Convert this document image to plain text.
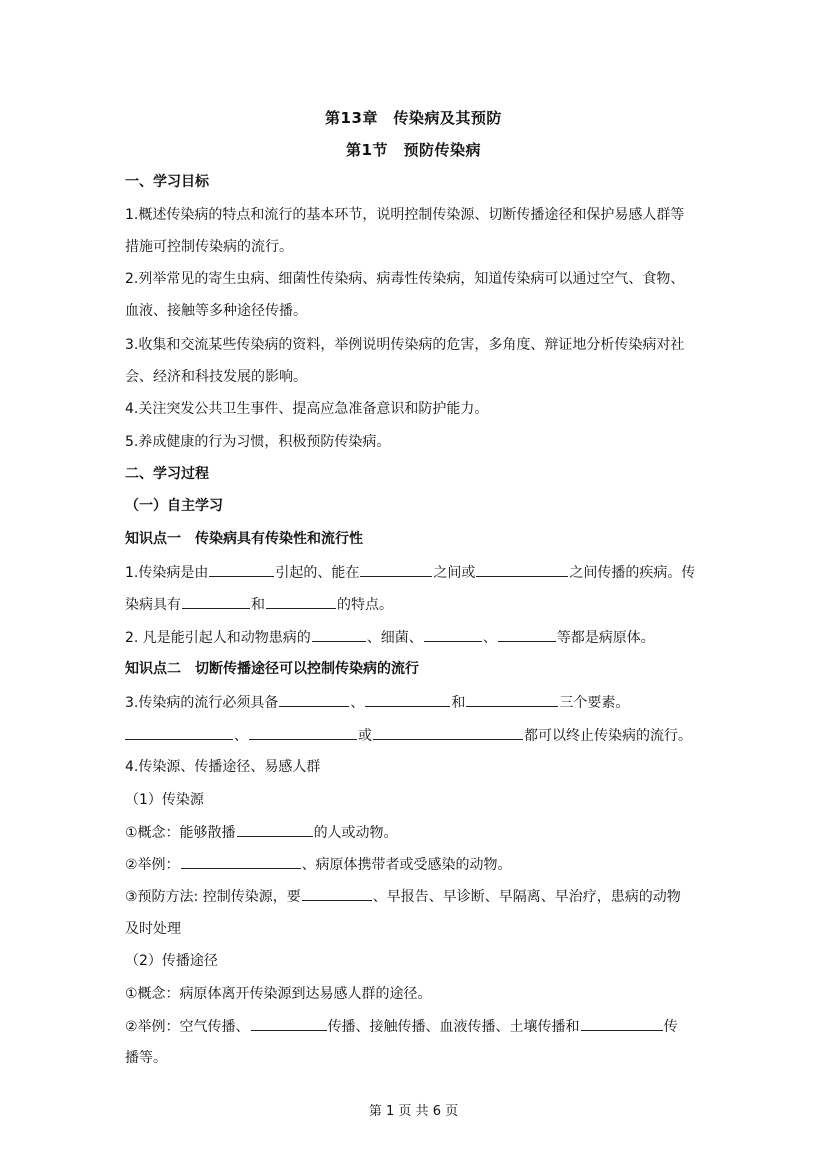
第13章　传染病及其预防
第1节　预防传染病
一、学习目标
1.概述传染病的特点和流行的基本环节，说明控制传染源、切断传播途径和保护易感人群等
措施可控制传染病的流行。
2.列举常见的寄生虫病、细菌性传染病、病毒性传染病，知道传染病可以通过空气、食物、
血液、接触等多种途径传播。
3.收集和交流某些传染病的资料，举例说明传染病的危害，多角度、辩证地分析传染病对社
会、经济和科技发展的影响。
4.关注突发公共卫生事件、提高应急准备意识和防护能力。
5.养成健康的行为习惯，积极预防传染病。
二、学习过程
（一）自主学习
知识点一　传染病具有传染性和流行性
1.传染病是由	引起的、能在	之间或	之间传播的疾病。传
染病具有	和	的特点。
2. 凡是能引起人和动物患病的	、细菌、	、	等都是病原体。
知识点二　切断传播途径可以控制传染病的流行
3.传染病的流行必须具备	、	和	三个要素。
、	或	都可以终止传染病的流行。
4.传染源、传播途径、易感人群
（1）传染源
①概念：能够散播	的人或动物。
②举例：	、病原体携带者或受感染的动物。
③预防方法: 控制传染源，要	、早报告、早诊断、早隔离、早治疗，患病的动物
及时处理
（2）传播途径
①概念：病原体离开传染源到达易感人群的途径。
②举例：空气传播、	传播、接触传播、血液传播、土壤传播和	传
播等。
第 1 页 共 6 页
